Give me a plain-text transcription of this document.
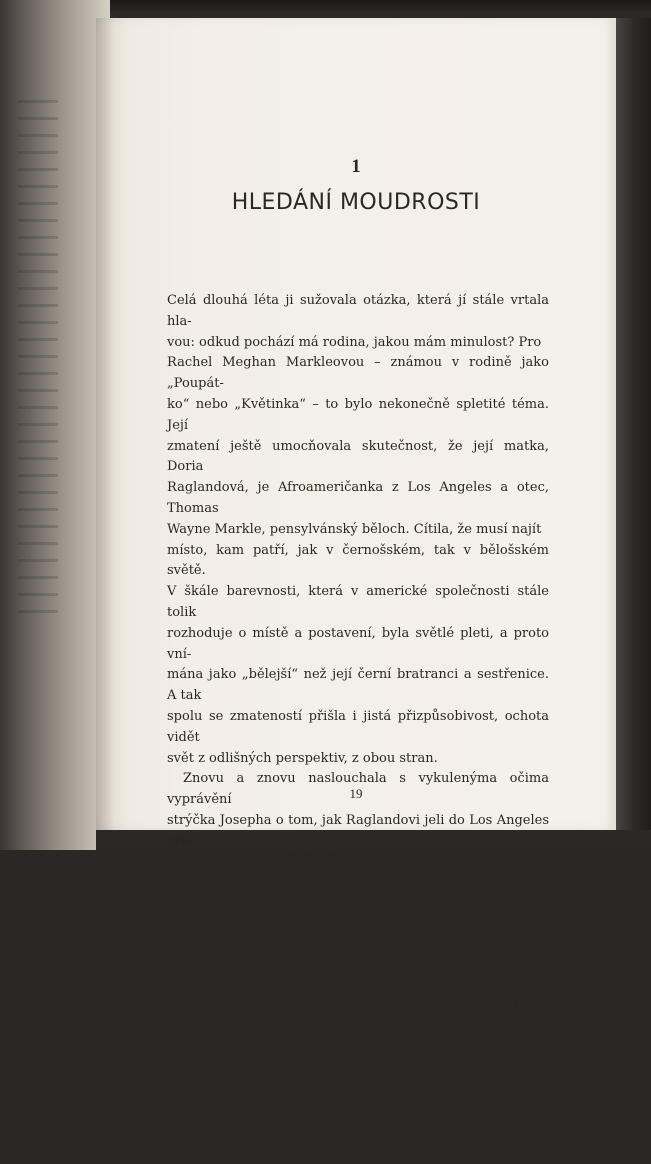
1
HLEDÁNÍ MOUDROSTI

Celá dlouhá léta ji sužovala otázka, která jí stále vrtala hla-
vou: odkud pochází má rodina, jakou mám minulost? Pro
Rachel Meghan Markleovou – známou v rodině jako „Poupát-
ko“ nebo „Květinka“ – to bylo nekonečně spletité téma. Její
zmatení ještě umocňovala skutečnost, že její matka, Doria
Raglandová, je Afroameričanka z Los Angeles a otec, Thomas
Wayne Markle, pensylvánský běloch. Cítila, že musí najít
místo, kam patří, jak v černošském, tak v bělošském světě.
V škále barevnosti, která v americké společnosti stále tolik
rozhoduje o místě a postavení, byla světlé pleti, a proto vní-
mána jako „bělejší“ než její černí bratranci a sestřenice. A tak
spolu se zmateností přišla i jistá přizpůsobivost, ochota vidět
svět z odlišných perspektiv, z obou stran.

Znovu a znovu naslouchala s vykulenýma očima vyprávění
strýčka Josepha o tom, jak Raglandovi jeli do Los Angeles přes
celou zemi ve vypůjčeném autě až z Clevelandu v Ohiu, když
byla její matka Doria ještě miminko. Jejich dobrodružství
nabralo ošklivý obrat, když vjeli do jednoho honáckého měs-
tečka v Texasu, aby se schovali před sněhovou bouří. Sháněli
pokoj na noc, ale záhy pochopili, že je v tomhle vidlákově
nechtějí. Jakýsi chlápek ukázal ven do sněhu a zakřičel: „Dál-
nice je támhletím směrem. Vypadněte. Tady nejste vítaní.“

Ač je to možná rodinný folklór, protože silnice z Clevelan-
du do Los Angeles rozhodně nevede poblíž Státu osamělé

19
